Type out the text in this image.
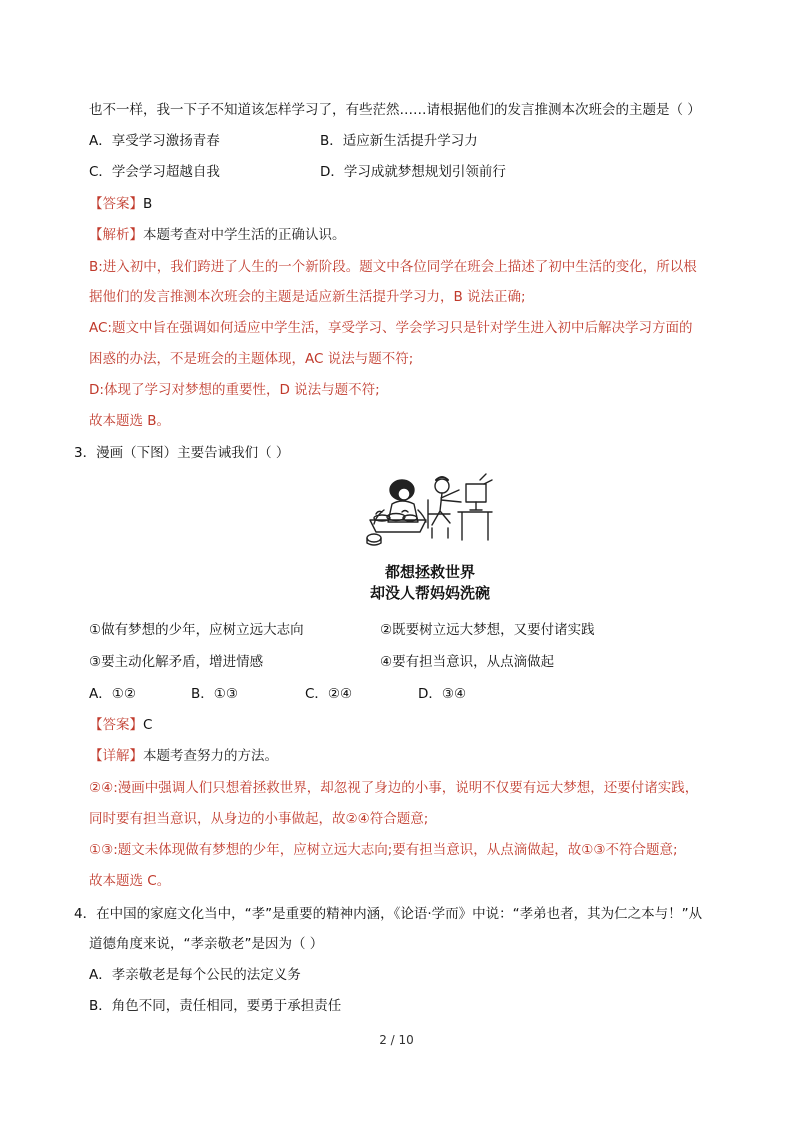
也不一样，我一下子不知道该怎样学习了，有些茫然……请根据他们的发言推测本次班会的主题是（ ）
A．享受学习激扬青春	B．适应新生活提升学习力
C．学会学习超越自我	D．学习成就梦想规划引领前行
【答案】B
【解析】本题考查对中学生活的正确认识。
B:进入初中，我们跨进了人生的一个新阶段。题文中各位同学在班会上描述了初中生活的变化，所以根
据他们的发言推测本次班会的主题是适应新生活提升学习力，B 说法正确;
AC:题文中旨在强调如何适应中学生活，享受学习、学会学习只是针对学生进入初中后解决学习方面的
困惑的办法，不是班会的主题体现，AC 说法与题不符;
D:体现了学习对梦想的重要性，D 说法与题不符;
故本题选 B。
3．漫画（下图）主要告诫我们（ ）
都想拯救世界
却没人帮妈妈洗碗
①做有梦想的少年，应树立远大志向	②既要树立远大梦想，又要付诸实践
③要主动化解矛盾，增进情感	④要有担当意识，从点滴做起
A．①②	B．①③	C．②④	D．③④
【答案】C
【详解】本题考查努力的方法。
②④:漫画中强调人们只想着拯救世界，却忽视了身边的小事，说明不仅要有远大梦想，还要付诸实践，
同时要有担当意识，从身边的小事做起，故②④符合题意;
①③:题文未体现做有梦想的少年，应树立远大志向;要有担当意识，从点滴做起，故①③不符合题意;
故本题选 C。
4．在中国的家庭文化当中，“孝”是重要的精神内涵，《论语·学而》中说：“孝弟也者，其为仁之本与！”从
道德角度来说，“孝亲敬老”是因为（ ）
A．孝亲敬老是每个公民的法定义务
B．角色不同，责任相同，要勇于承担责任
2 / 10
